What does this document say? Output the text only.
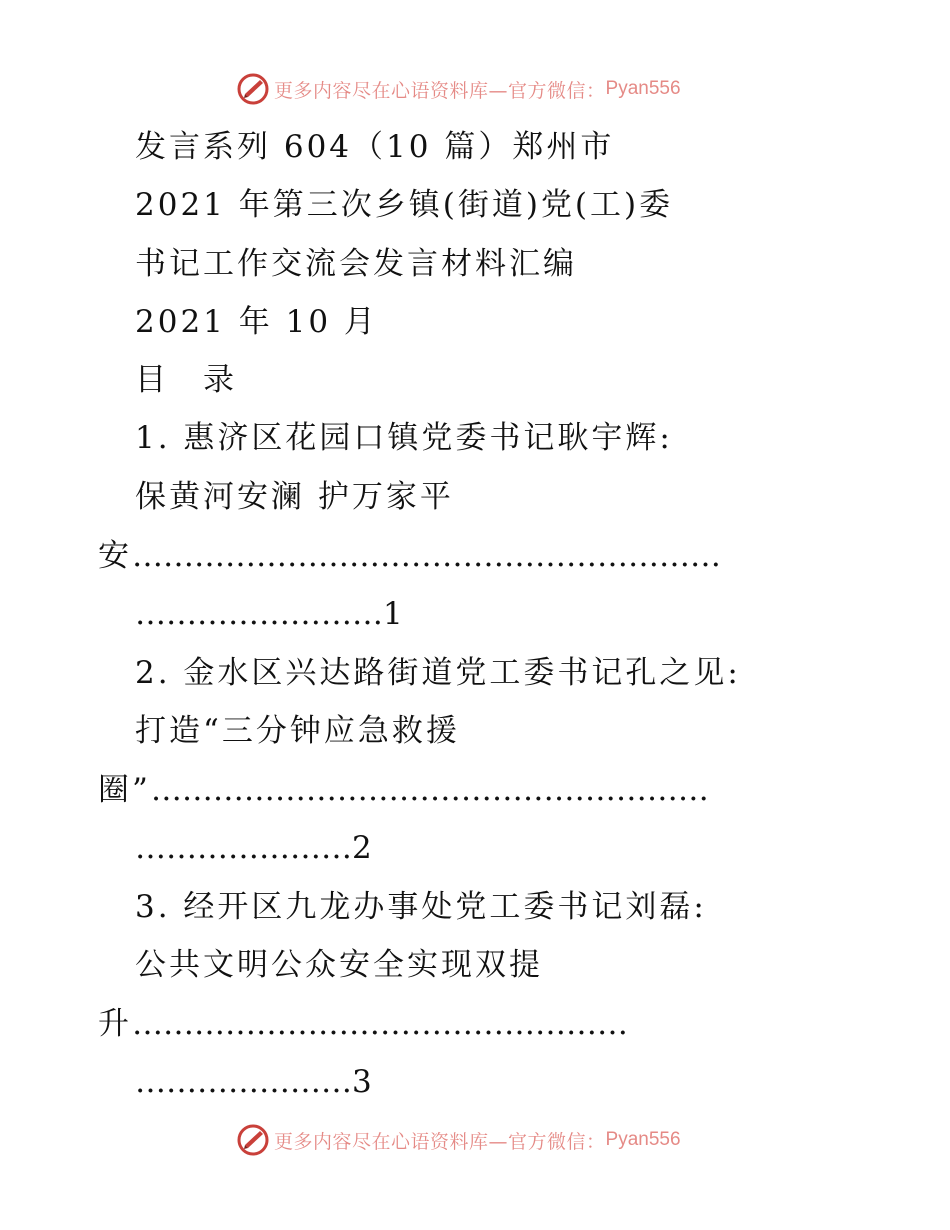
更多内容尽在心语资料库—官方微信： Pyan556
发言系列 604（10 篇）郑州市
2021 年第三次乡镇(街道)党(工)委
书记工作交流会发言材料汇编
2021 年 10 月
目　录
1. 惠济区花园口镇党委书记耿宇辉:
保黄河安澜 护万家平
安…………………………………………………
……………………1
2. 金水区兴达路街道党工委书记孔之见:
打造“三分钟应急救援
圈”………………………………………………
…………………2
3. 经开区九龙办事处党工委书记刘磊:
公共文明公众安全实现双提
升…………………………………………
…………………3
更多内容尽在心语资料库—官方微信： Pyan556
